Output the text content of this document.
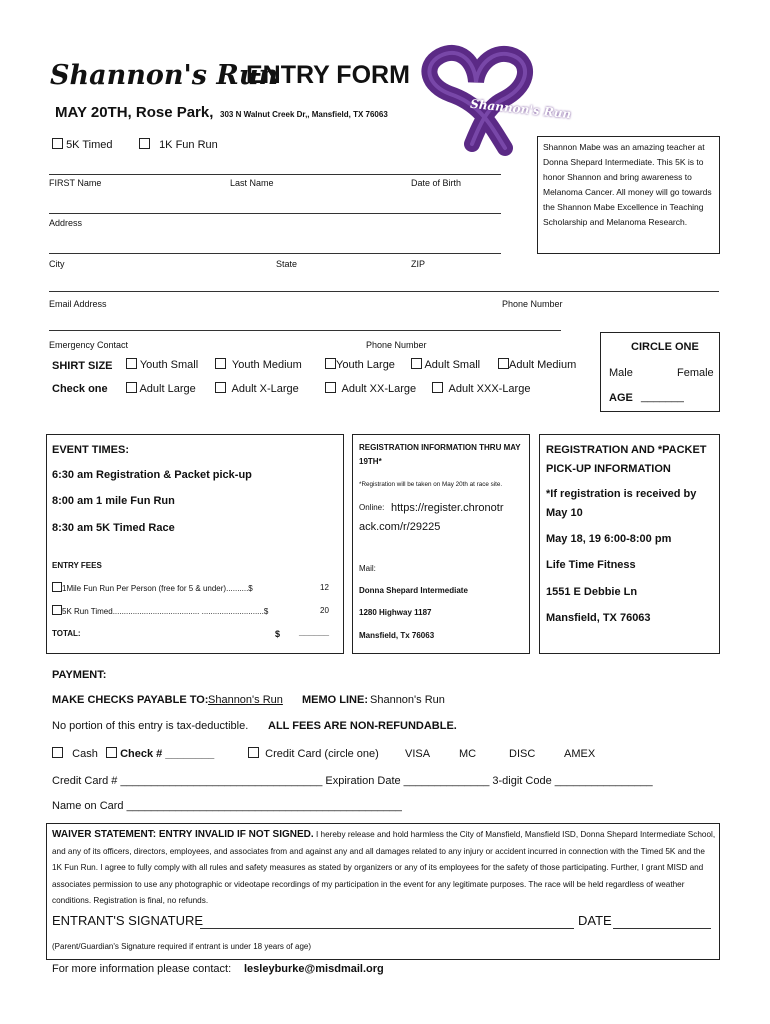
Shannon's Run
ENTRY FORM
MAY 20TH, Rose Park, 303 N Walnut Creek Dr,, Mansfield, TX 76063	Shannon's Run
5K Timed	1K Fun Run	Shannon Mabe was an amazing teacher at Donna Shepard Intermediate. This 5K is to honor Shannon and bring awareness to Melanoma Cancer. All money will go towards the Shannon Mabe Excellence in Teaching Scholarship and Melanoma Research.
FIRST Name	Last Name	Date of Birth
Address
City	State	ZIP
Email Address	Phone Number
Emergency Contact	Phone Number
SHIRT SIZE
Check one
Youth Small	Youth Medium	Youth Large	Adult Small	Adult Medium
Adult Large	Adult X-Large	Adult XX-Large	Adult XXX-Large
CIRCLE ONE
Male	Female
AGE _______
EVENT TIMES:
6:30 am Registration & Packet pick-up
8:00 am 1 mile Fun Run
8:30 am 5K Timed Race
ENTRY FEES
1Mile Fun Run Per Person (free for 5 & under)..........$	12
5K Run Timed....................................... ............................$	20
TOTAL:	$ ______
REGISTRATION INFORMATION THRU MAY 19TH*
*Registration will be taken on May 20th at race site.
Online: https://register.chronotrack.com/r/29225
Mail:
Donna Shepard Intermediate
1280 Highway 1187
Mansfield, Tx 76063
REGISTRATION AND *PACKET PICK-UP INFORMATION
*If registration is received by May 10
May 18, 19 6:00-8:00 pm
Life Time Fitness
1551 E Debbie Ln
Mansfield, TX 76063
PAYMENT:
MAKE CHECKS PAYABLE TO: Shannon's Run MEMO LINE: Shannon's Run
No portion of this entry is tax-deductible. ALL FEES ARE NON-REFUNDABLE.
Cash	Check # ________	Credit Card (circle one) VISA	MC	DISC	AMEX
Credit Card # _________________________________ Expiration Date ______________ 3-digit Code ________________
Name on Card _____________________________________________
WAIVER STATEMENT: ENTRY INVALID IF NOT SIGNED. I hereby release and hold harmless the City of Mansfield, Mansfield ISD, Donna Shepard Intermediate School, and any of its officers, directors, employees, and associates from and against any and all damages related to any injury or accident incurred in connection with the Timed 5K and the 1K Fun Run. I agree to fully comply with all rules and safety measures as stated by organizers or any of its employees for the safety of those participating. Further, I grant MISD and associates permission to use any photographic or videotape recordings of my participation in the event for any legitimate purposes. The race will be held regardless of weather conditions. Registration is final, no refunds.
ENTRANT'S SIGNATURE	DATE
(Parent/Guardian's Signature required if entrant is under 18 years of age)
For more information please contact: lesleyburke@misdmail.org
